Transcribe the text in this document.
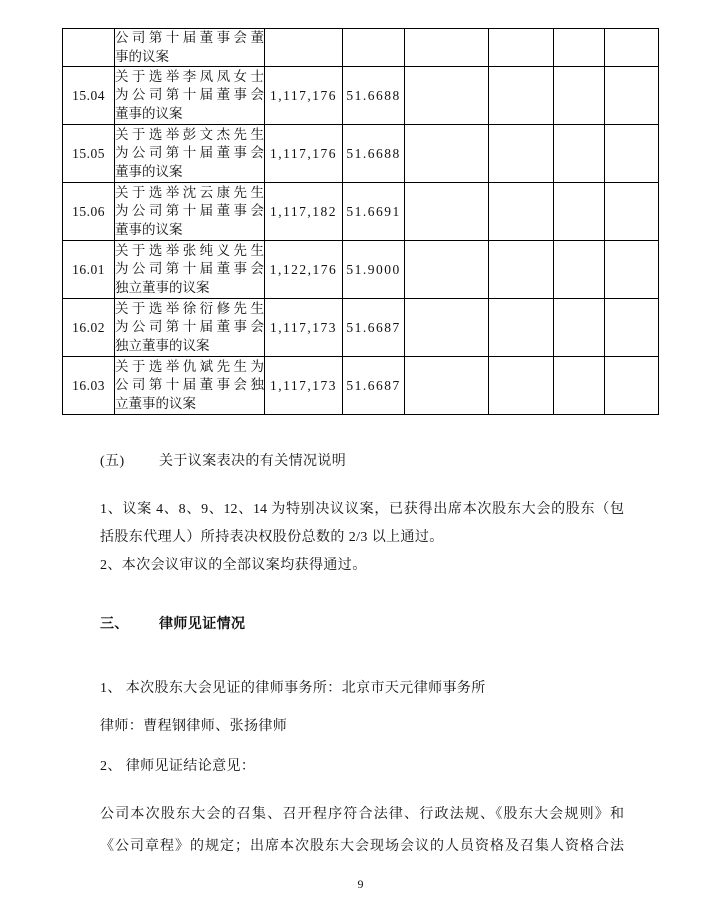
	公司第十届董事会董
事的议案						

15.04	关于选举李凤凤女士
为公司第十届董事会
董事的议案	1,117,176	51.6688				
15.05	关于选举彭文杰先生
为公司第十届董事会
董事的议案	1,117,176	51.6688				
15.06	关于选举沈云康先生
为公司第十届董事会
董事的议案	1,117,182	51.6691				
16.01	关于选举张纯义先生
为公司第十届董事会
独立董事的议案	1,122,176	51.9000				
16.02	关于选举徐衍修先生
为公司第十届董事会
独立董事的议案	1,117,173	51.6687				
16.03	关于选举仇斌先生为
公司第十届董事会独
立董事的议案	1,117,173	51.6687				
(五) 关于议案表决的有关情况说明
1、议案 4、8、9、12、14 为特别决议议案，已获得出席本次股东大会的股东（包
括股东代理人）所持表决权股份总数的 2/3 以上通过。
2、本次会议审议的全部议案均获得通过。
三、 律师见证情况
1、 本次股东大会见证的律师事务所：北京市天元律师事务所
律师：曹程钢律师、张扬律师
2、 律师见证结论意见：
公司本次股东大会的召集、召开程序符合法律、行政法规、《股东大会规则》和
《公司章程》的规定；出席本次股东大会现场会议的人员资格及召集人资格合法
9
